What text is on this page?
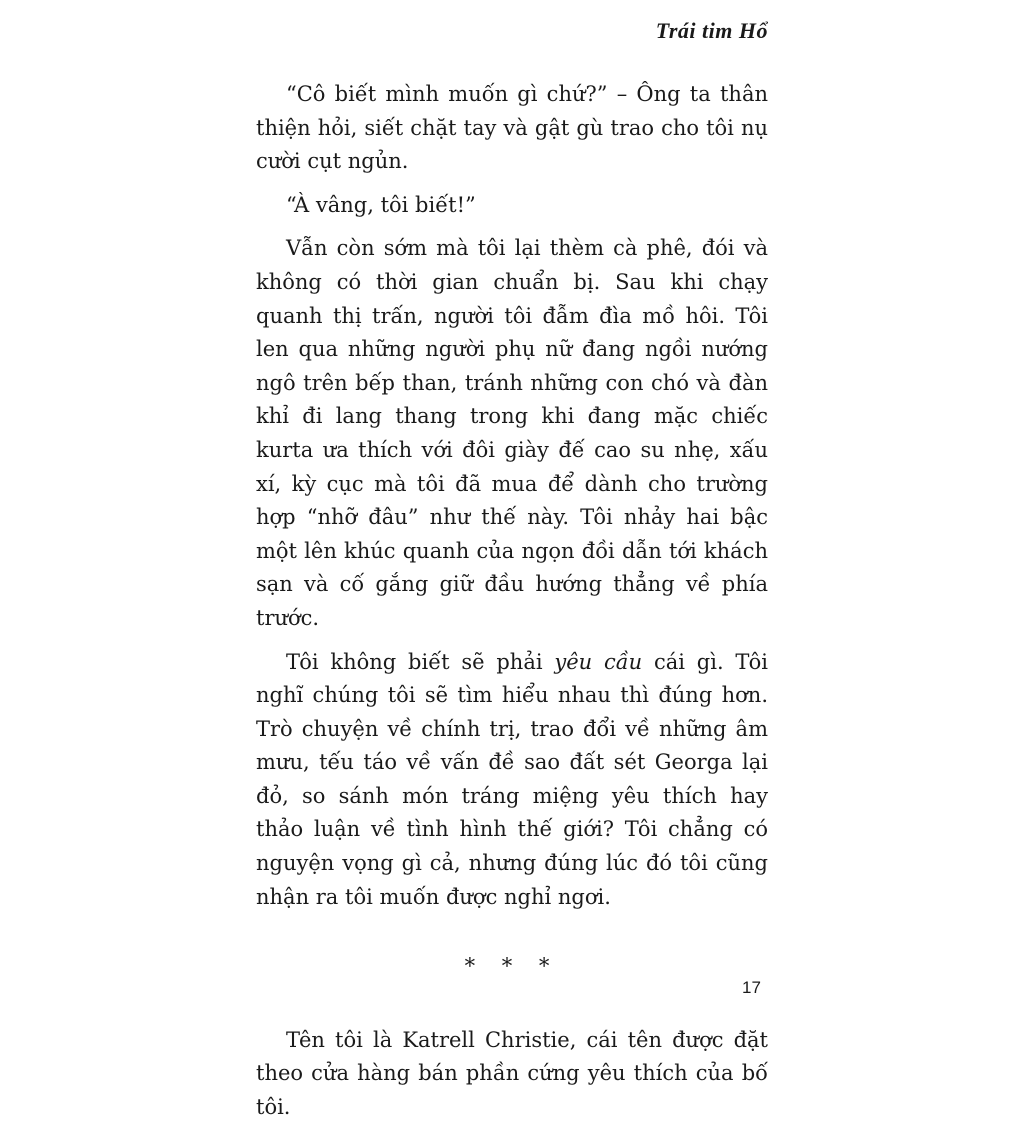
Trái tim Hổ

“Cô biết mình muốn gì chứ?” – Ông ta thân thiện hỏi, siết chặt tay và gật gù trao cho tôi nụ cười cụt ngủn.

“À vâng, tôi biết!”

Vẫn còn sớm mà tôi lại thèm cà phê, đói và không có thời gian chuẩn bị. Sau khi chạy quanh thị trấn, người tôi đẫm đìa mồ hôi. Tôi len qua những người phụ nữ đang ngồi nướng ngô trên bếp than, tránh những con chó và đàn khỉ đi lang thang trong khi đang mặc chiếc kurta ưa thích với đôi giày đế cao su nhẹ, xấu xí, kỳ cục mà tôi đã mua để dành cho trường hợp “nhỡ đâu” như thế này. Tôi nhảy hai bậc một lên khúc quanh của ngọn đồi dẫn tới khách sạn và cố gắng giữ đầu hướng thẳng về phía trước.

Tôi không biết sẽ phải yêu cầu cái gì. Tôi nghĩ chúng tôi sẽ tìm hiểu nhau thì đúng hơn. Trò chuyện về chính trị, trao đổi về những âm mưu, tếu táo về vấn đề sao đất sét Georga lại đỏ, so sánh món tráng miệng yêu thích hay thảo luận về tình hình thế giới? Tôi chẳng có nguyện vọng gì cả, nhưng đúng lúc đó tôi cũng nhận ra tôi muốn được nghỉ ngơi.

* * *

Tên tôi là Katrell Christie, cái tên được đặt theo cửa hàng bán phần cứng yêu thích của bố tôi.

17
